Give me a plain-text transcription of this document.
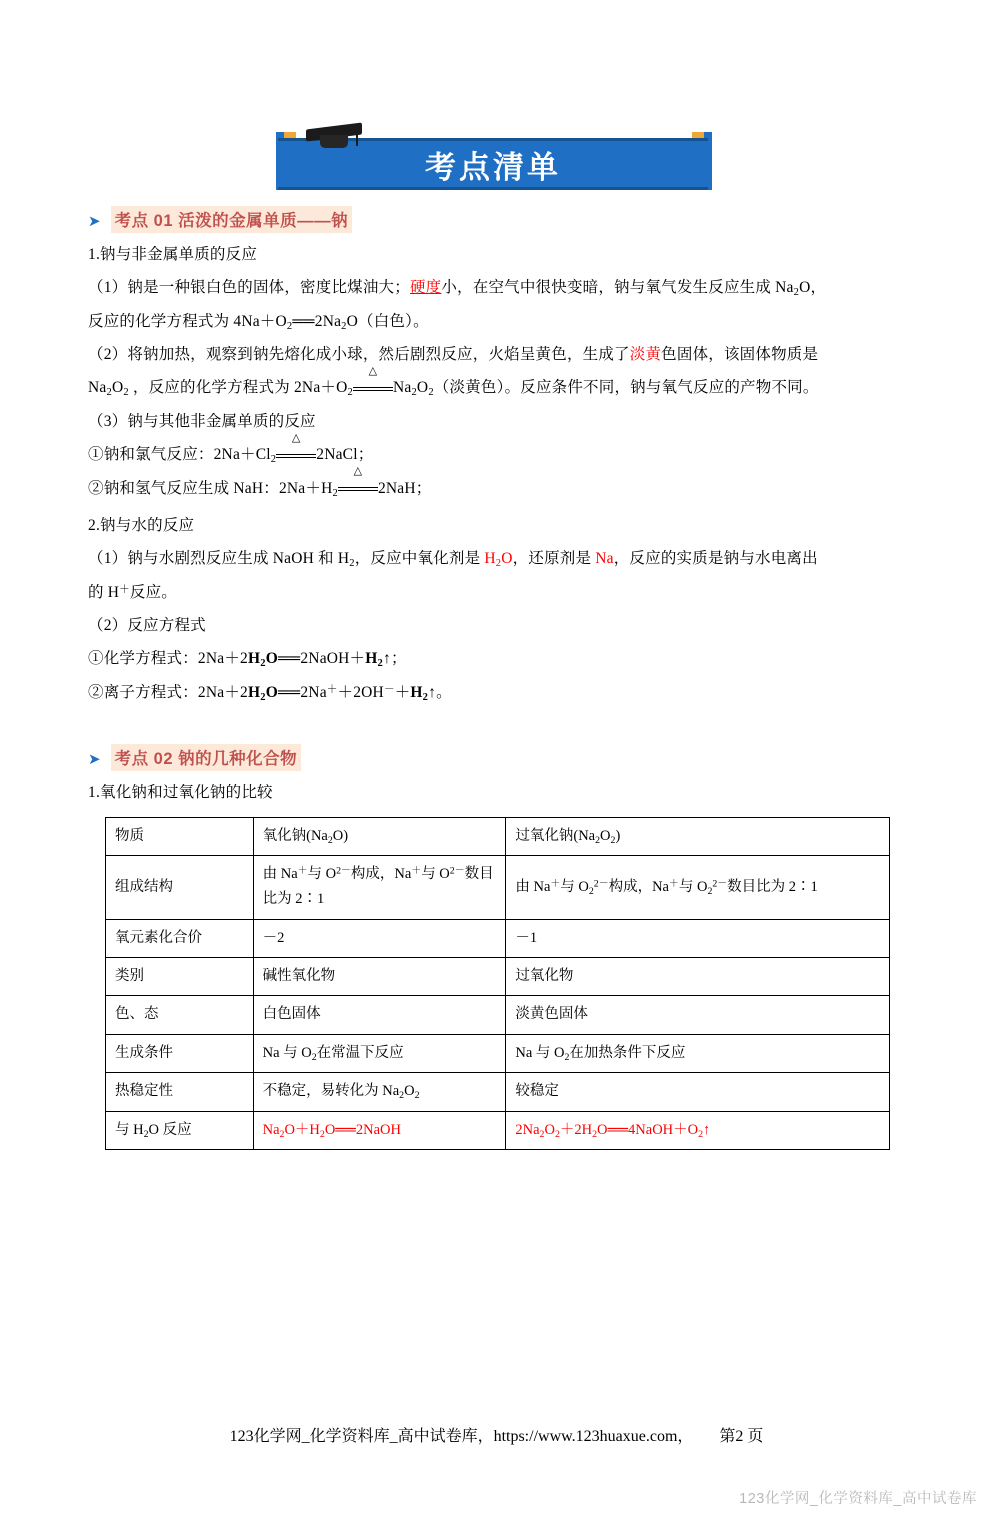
考点清单
➤ 考点 01 活泼的金属单质——钠
1.钠与非金属单质的反应
（1）钠是一种银白色的固体，密度比煤油大；硬度小，在空气中很快变暗，钠与氧气发生反应生成 $Na_2O$，
反应的化学方程式为 $4Na+O_2══2Na_2O$（白色）。
（2）将钠加热，观察到钠先熔化成小球，然后剧烈反应，火焰呈黄色，生成了淡黄色固体，该固体物质是
$Na_2O_2$ ，反应的化学方程式为 $2Na+O_2$
△
$Na_2O_2$（淡黄色）。反应条件不同，钠与氧气反应的产物不同。
（3）钠与其他非金属单质的反应
①钠和氯气反应：$2Na+Cl_2$
△
2NaCl；
②钠和氢气反应生成 NaH：$2Na+H_2$
△
2NaH；
2.钠与水的反应
（1）钠与水剧烈反应生成 NaOH 和 $H_2$，反应中氧化剂是 $H_2O$，还原剂是 Na，反应的实质是钠与水电离出
的 H＋反应。
（2）反应方程式
①化学方程式：$2Na+2H_2O══2NaOH+H_2↑$；
②离子方程式：$2Na+2H_2O══2Na^++2OH^-+H_2↑$。
➤ 考点 02 钠的几种化合物
1.氧化钠和过氧化钠的比较
物质	氧化钠$(Na_2O)$	过氧化钠$(Na_2O_2)$
组成结构	由 Na＋与 $O^{2-}$构成，Na＋与 $O^{2-}$数目比为 2∶1	由 Na＋与 $O_2^{2-}$构成，Na＋与 $O_2^{2-}$数目比为 2∶1
氧元素化合价	－2	－1
类别	碱性氧化物	过氧化物
色、态	白色固体	淡黄色固体
生成条件	Na 与 $O_2$在常温下反应	Na 与 $O_2$在加热条件下反应
热稳定性	不稳定，易转化为 $Na_2O_2$	较稳定
与 $H_2O$ 反应	$Na_2O+H_2O══2NaOH$	$2Na_2O_2+2H_2O══4NaOH+O_2↑$
123化学网_化学资料库_高中试卷库，https://www.123huaxue.com， 第2 页
123化学网_化学资料库_高中试卷库
